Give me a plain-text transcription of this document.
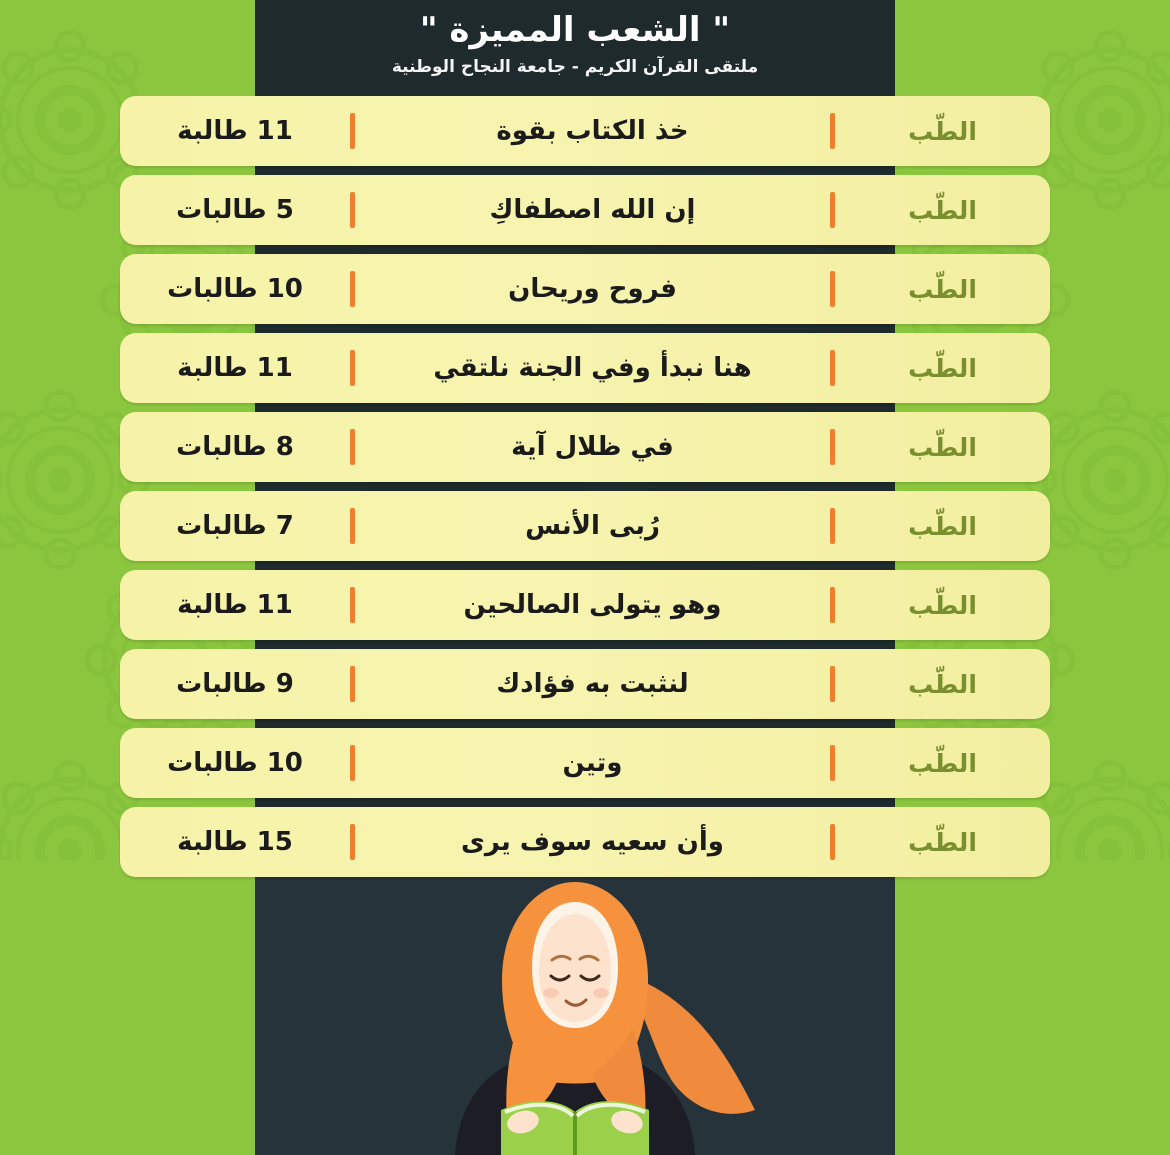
" الشعب المميزة "

ملتقى القرآن الكريم - جامعة النجاح الوطنية

الطّب
خذ الكتاب بقوة
11 طالبة
الطّب
إن الله اصطفاكِ
5 طالبات
الطّب
فروح وريحان
10 طالبات
الطّب
هنا نبدأ وفي الجنة نلتقي
11 طالبة
الطّب
في ظلال آية
8 طالبات
الطّب
رُبى الأنس
7 طالبات
الطّب
وهو يتولى الصالحين
11 طالبة
الطّب
لنثبت به فؤادك
9 طالبات
الطّب
وتين
10 طالبات
الطّب
وأن سعيه سوف يرى
15 طالبة
